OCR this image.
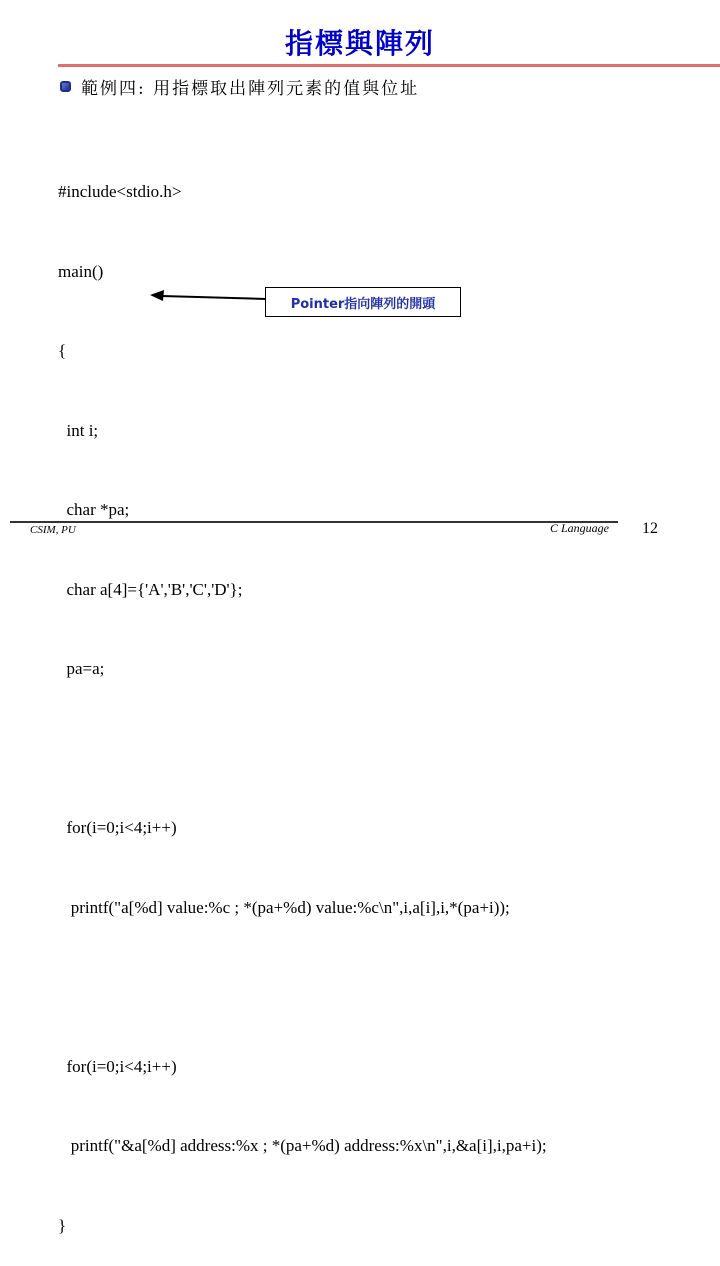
指標與陣列
範例四: 用指標取出陣列元素的值與位址

#include<stdio.h>

main()

{

int i;

char *pa;

char a[4]={'A','B','C','D'};

pa=a;

for(i=0;i<4;i++)

printf("a[%d] value:%c ; *(pa+%d) value:%c\n",i,a[i],i,*(pa+i));

for(i=0;i<4;i++)

printf("&a[%d] address:%x ; *(pa+%d) address:%x\n",i,&a[i],i,pa+i);

}

Pointer指向陣列的開頭
CSIM, PU	C Language 12
